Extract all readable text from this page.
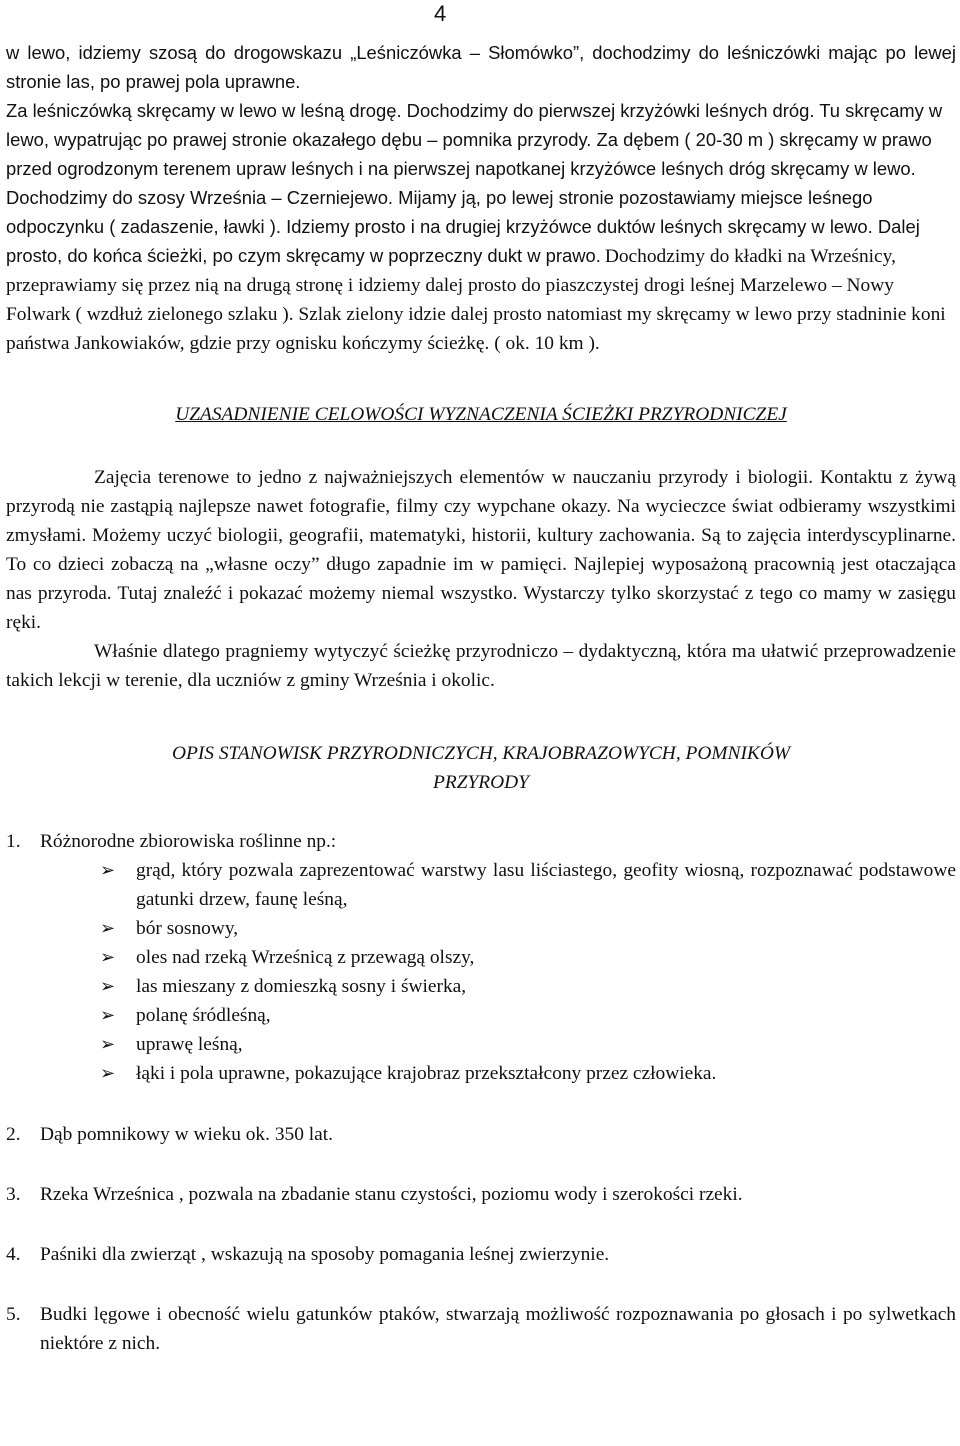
4

w lewo, idziemy szosą do drogowskazu „Leśniczówka – Słomówko”, dochodzimy do leśniczówki mając po lewej stronie las, po prawej pola uprawne.

Za leśniczówką skręcamy w lewo w leśną drogę. Dochodzimy do pierwszej krzyżówki leśnych dróg. Tu skręcamy w lewo, wypatrując po prawej stronie okazałego dębu – pomnika przyrody. Za dębem ( 20-30 m ) skręcamy w prawo przed ogrodzonym terenem upraw leśnych i na pierwszej napotkanej krzyżówce leśnych dróg skręcamy w lewo. Dochodzimy do szosy Września – Czerniejewo. Mijamy ją, po lewej stronie pozostawiamy miejsce leśnego odpoczynku ( zadaszenie, ławki ). Idziemy prosto i na drugiej krzyżówce duktów leśnych skręcamy w lewo. Dalej prosto, do końca ścieżki, po czym skręcamy w poprzeczny dukt w prawo.

Dochodzimy do kładki na Wrześnicy, przeprawiamy się przez nią na drugą stronę i idziemy dalej prosto do piaszczystej drogi leśnej Marzelewo – Nowy Folwark ( wzdłuż zielonego szlaku ). Szlak zielony idzie dalej prosto natomiast my skręcamy w lewo przy stadninie koni państwa Jankowiaków, gdzie przy ognisku kończymy ścieżkę. ( ok. 10 km ).

UZASADNIENIE CELOWOŚCI WYZNACZENIA ŚCIEŻKI PRZYRODNICZEJ

Zajęcia terenowe to jedno z najważniejszych elementów w nauczaniu przyrody i biologii. Kontaktu z żywą przyrodą nie zastąpią najlepsze nawet fotografie, filmy czy wypchane okazy. Na wycieczce świat odbieramy wszystkimi zmysłami. Możemy uczyć biologii, geografii, matematyki, historii, kultury zachowania. Są to zajęcia interdyscyplinarne. To co dzieci zobaczą na „własne oczy” długo zapadnie im w pamięci. Najlepiej wyposażoną pracownią jest otaczająca nas przyroda. Tutaj znaleźć i pokazać możemy niemal wszystko. Wystarczy tylko skorzystać z tego co mamy w zasięgu ręki.

Właśnie dlatego pragniemy wytyczyć ścieżkę przyrodniczo – dydaktyczną, która ma ułatwić przeprowadzenie takich lekcji w terenie, dla uczniów z gminy Września i okolic.

OPIS STANOWISK PRZYRODNICZYCH, KRAJOBRAZOWYCH, POMNIKÓW PRZYRODY
1. Różnorodne zbiorowiska roślinne np.:
➢ grąd, który pozwala zaprezentować warstwy lasu liściastego, geofity wiosną, rozpoznawać podstawowe gatunki drzew, faunę leśną,
➢ bór sosnowy,
➢ oles nad rzeką Wrześnicą z przewagą olszy,
➢ las mieszany z domieszką sosny i świerka,
➢ polanę śródleśną,
➢ uprawę leśną,
➢ łąki i pola uprawne, pokazujące krajobraz przekształcony przez człowieka.
2. Dąb pomnikowy w wieku ok. 350 lat.
3. Rzeka Wrześnica , pozwala na zbadanie stanu czystości, poziomu wody i szerokości rzeki.
4. Paśniki dla zwierząt , wskazują na sposoby pomagania leśnej zwierzynie.
5. Budki lęgowe i obecność wielu gatunków ptaków, stwarzają możliwość rozpoznawania po głosach i po sylwetkach niektóre z nich.
